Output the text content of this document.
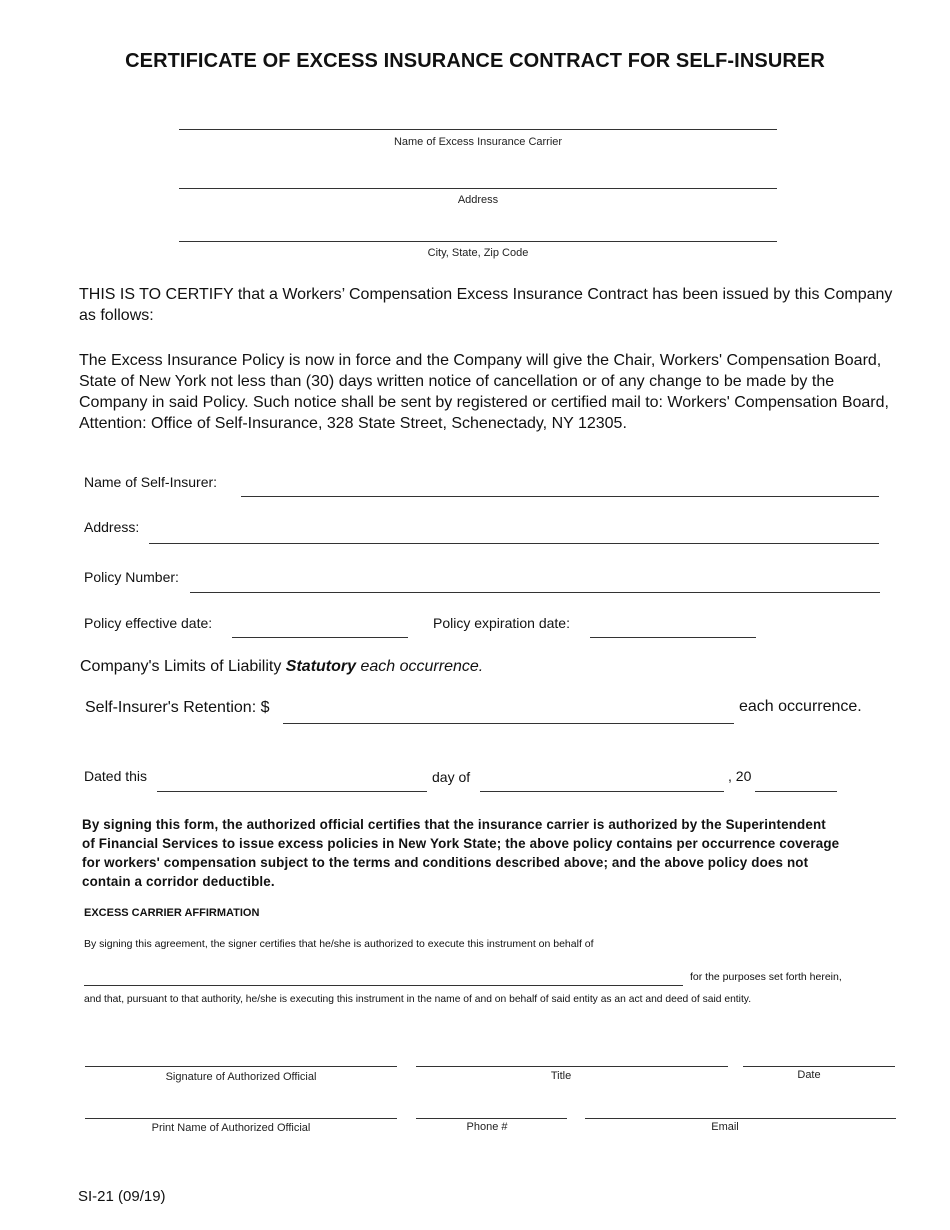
CERTIFICATE OF EXCESS INSURANCE CONTRACT FOR SELF-INSURER
Name of Excess Insurance Carrier
Address
City, State, Zip Code
THIS IS TO CERTIFY that a Workers’ Compensation Excess Insurance Contract has been issued by this Company as follows:
The Excess Insurance Policy is now in force and the Company will give the Chair, Workers' Compensation Board, State of New York not less than (30) days written notice of cancellation or of any change to be made by the Company in said Policy. Such notice shall be sent by registered or certified mail to: Workers' Compensation Board, Attention: Office of Self-Insurance, 328 State Street, Schenectady, NY 12305.
Name of Self-Insurer:
Address:
Policy Number:
Policy effective date:	Policy expiration date:
Company's Limits of Liability Statutory each occurrence.
Self-Insurer's Retention: $	each occurrence.
Dated this	day of	, 20
By signing this form, the authorized official certifies that the insurance carrier is authorized by the Superintendent of Financial Services to issue excess policies in New York State; the above policy contains per occurrence coverage for workers' compensation subject to the terms and conditions described above; and the above policy does not contain a corridor deductible.
EXCESS CARRIER AFFIRMATION
By signing this agreement, the signer certifies that he/she is authorized to execute this instrument on behalf of
for the purposes set forth herein,
and that, pursuant to that authority, he/she is executing this instrument in the name of and on behalf of said entity as an act and deed of said entity.
Signature of Authorized Official	Title	Date
Print Name of Authorized Official	Phone #	Email
SI-21 (09/19)
